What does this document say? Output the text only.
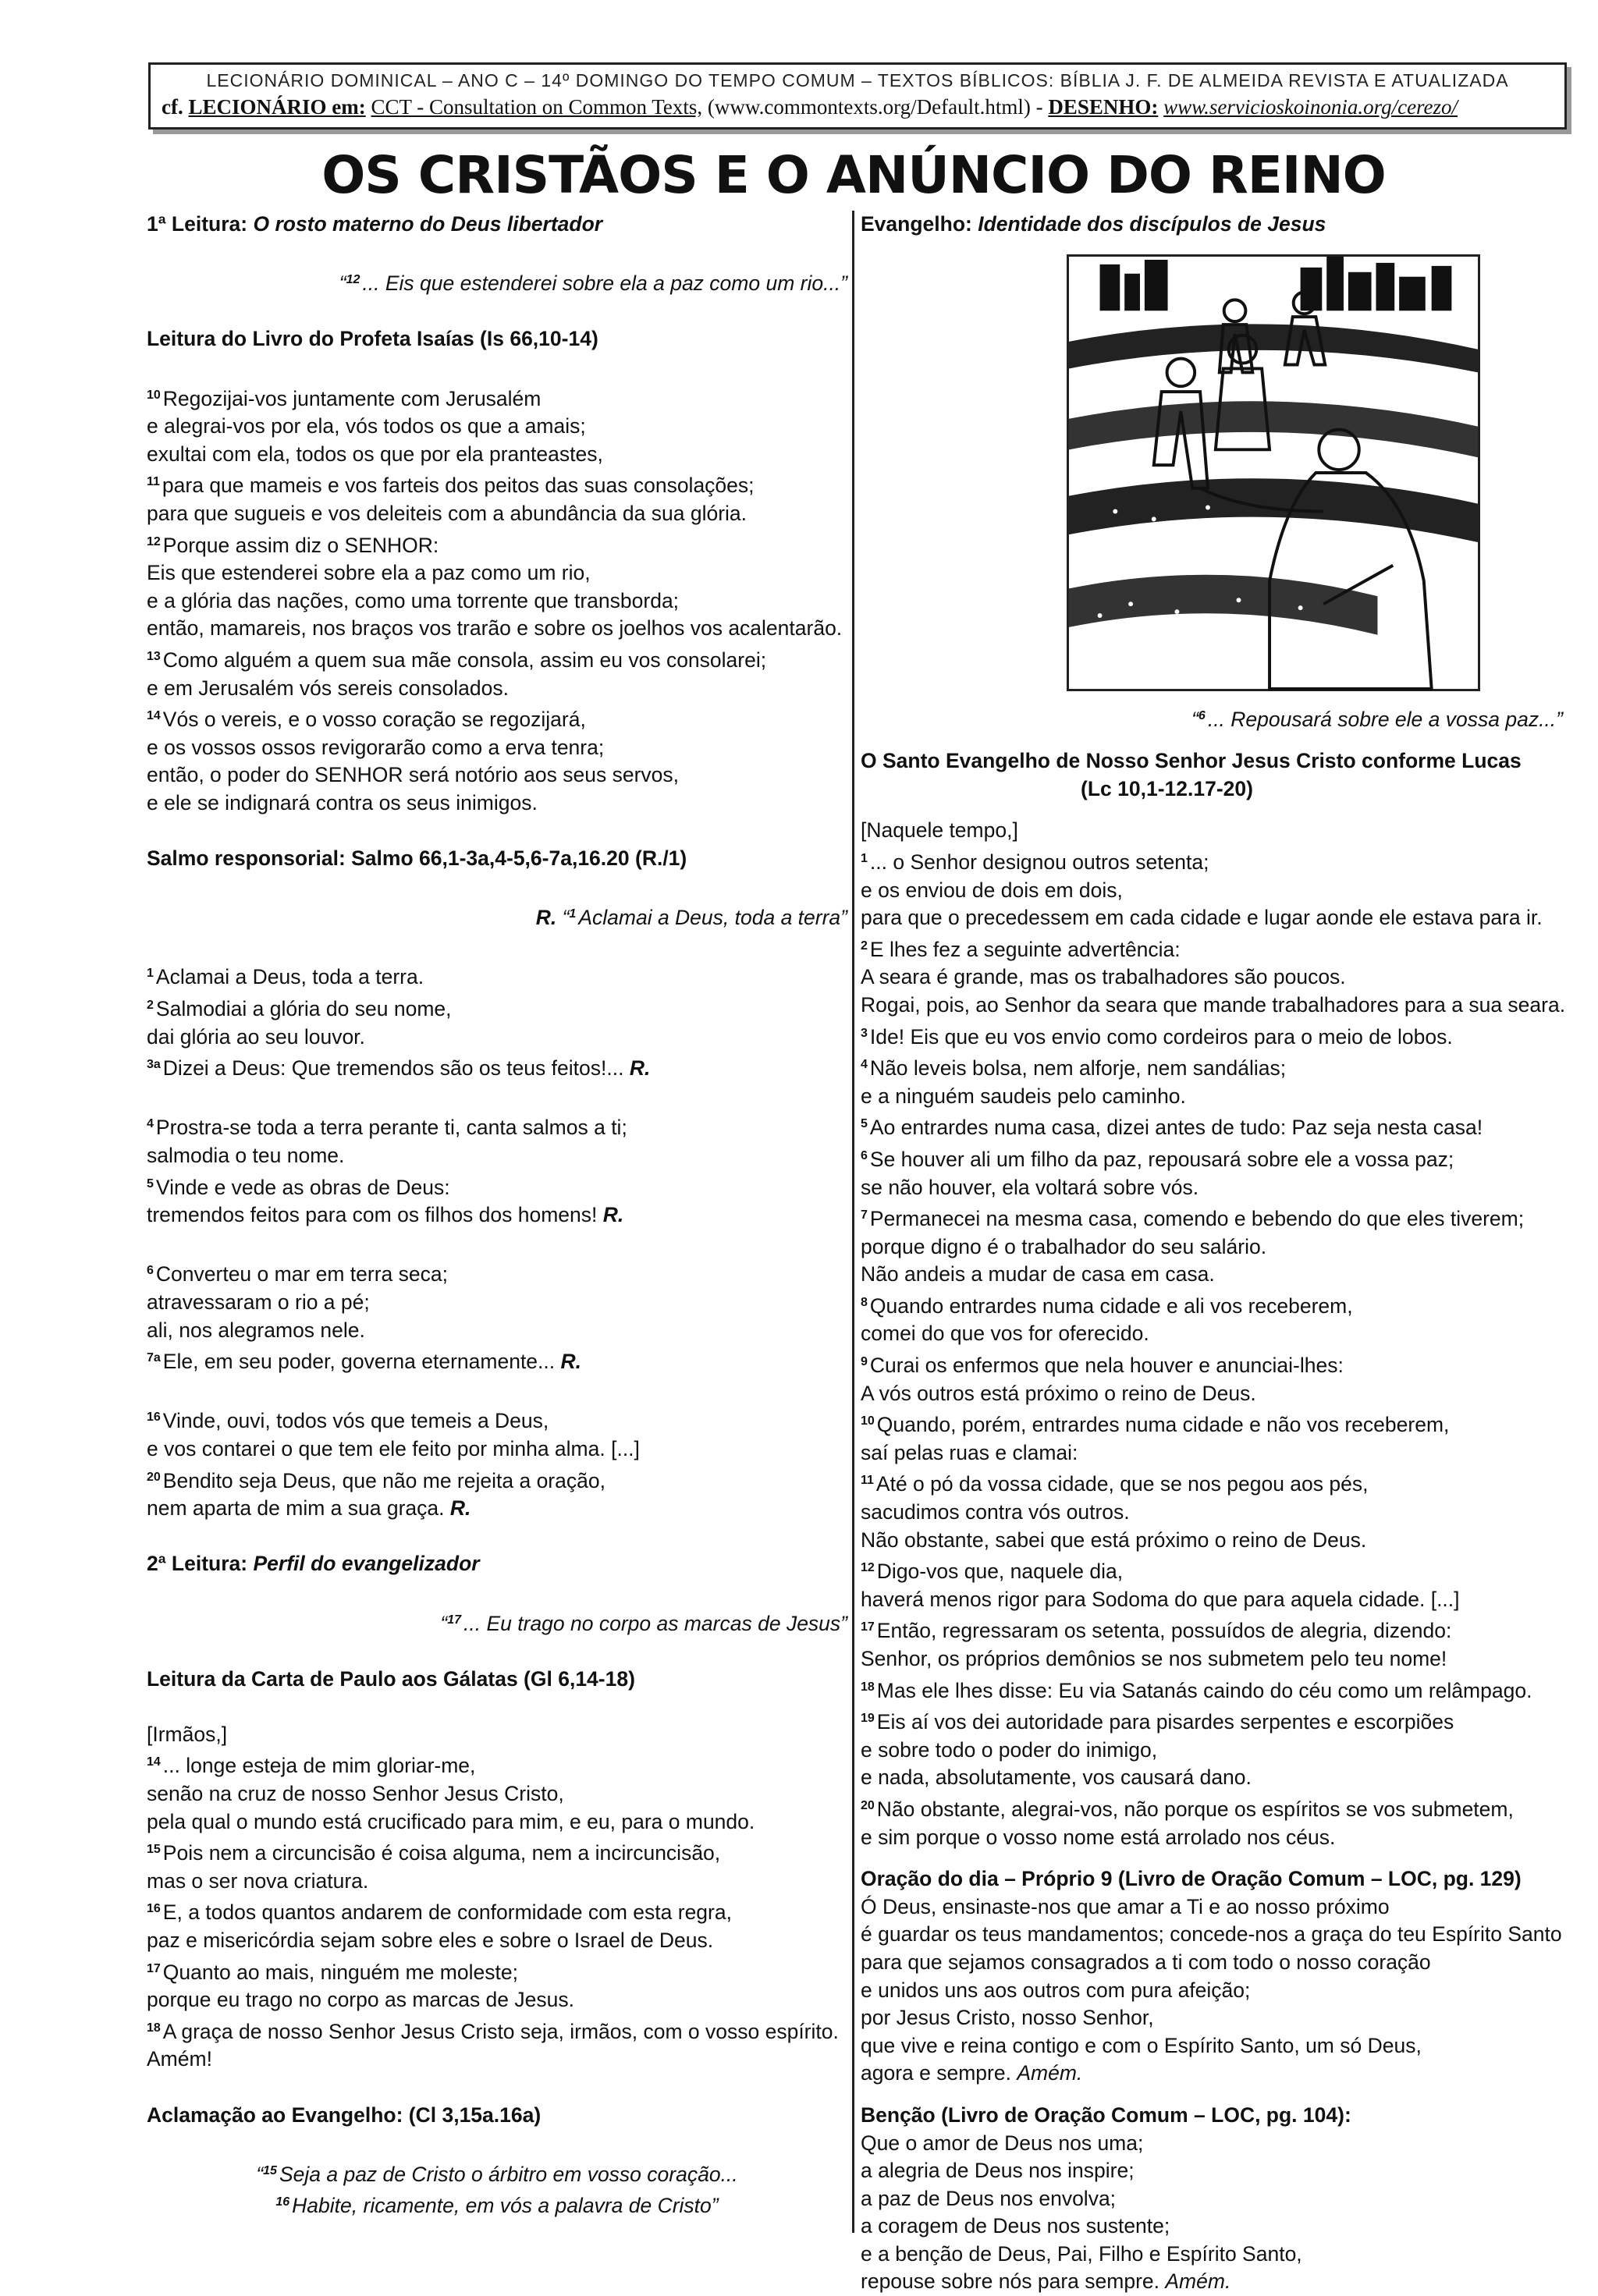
LECIONÁRIO DOMINICAL – ANO C – 14º DOMINGO DO TEMPO COMUM – TEXTOS BÍBLICOS: BÍBLIA J. F. DE ALMEIDA REVISTA E ATUALIZADA
cf. LECIONÁRIO em: CCT - Consultation on Common Texts, (www.commontexts.org/Default.html) - DESENHO: www.servicioskoinonia.org/cerezo/
OS CRISTÃOS E O ANÚNCIO DO REINO
1ª Leitura: O rosto materno do Deus libertador
“$^{12}$ ... Eis que estenderei sobre ela a paz como um rio...”
Leitura do Livro do Profeta Isaías (Is 66,10-14)
$^{10}$ Regozijai-vos juntamente com Jerusalém
e alegrai-vos por ela, vós todos os que a amais;
exultai com ela, todos os que por ela pranteastes,
$^{11}$ para que mameis e vos farteis dos peitos das suas consolações;
para que sugueis e vos deleiteis com a abundância da sua glória.
$^{12}$ Porque assim diz o SENHOR:
Eis que estenderei sobre ela a paz como um rio,
e a glória das nações, como uma torrente que transborda;
então, mamareis, nos braços vos trarão e sobre os joelhos vos acalentarão.
$^{13}$ Como alguém a quem sua mãe consola, assim eu vos consolarei;
e em Jerusalém vós sereis consolados.
$^{14}$ Vós o vereis, e o vosso coração se regozijará,
e os vossos ossos revigorarão como a erva tenra;
então, o poder do SENHOR será notório aos seus servos,
e ele se indignará contra os seus inimigos.
Salmo responsorial: Salmo 66,1-3a,4-5,6-7a,16.20 (R./1)
R. “$^1$ Aclamai a Deus, toda a terra”
$^1$ Aclamai a Deus, toda a terra.
$^2$ Salmodiai a glória do seu nome,
dai glória ao seu louvor.
$^{3a}$ Dizei a Deus: Que tremendos são os teus feitos!... R.
$^4$ Prostra-se toda a terra perante ti, canta salmos a ti;
salmodia o teu nome.
$^5$ Vinde e vede as obras de Deus:
tremendos feitos para com os filhos dos homens! R.
$^6$ Converteu o mar em terra seca;
atravessaram o rio a pé;
ali, nos alegramos nele.
$^{7a}$ Ele, em seu poder, governa eternamente... R.
$^{16}$ Vinde, ouvi, todos vós que temeis a Deus,
e vos contarei o que tem ele feito por minha alma. [...]
$^{20}$ Bendito seja Deus, que não me rejeita a oração,
nem aparta de mim a sua graça. R.
2ª Leitura: Perfil do evangelizador
“$^{17}$ ... Eu trago no corpo as marcas de Jesus”
Leitura da Carta de Paulo aos Gálatas (Gl 6,14-18)
[Irmãos,]
$^{14}$ ... longe esteja de mim gloriar-me,
senão na cruz de nosso Senhor Jesus Cristo,
pela qual o mundo está crucificado para mim, e eu, para o mundo.
$^{15}$ Pois nem a circuncisão é coisa alguma, nem a incircuncisão,
mas o ser nova criatura.
$^{16}$ E, a todos quantos andarem de conformidade com esta regra,
paz e misericórdia sejam sobre eles e sobre o Israel de Deus.
$^{17}$ Quanto ao mais, ninguém me moleste;
porque eu trago no corpo as marcas de Jesus.
$^{18}$ A graça de nosso Senhor Jesus Cristo seja, irmãos, com o vosso espírito.
Amém!
Aclamação ao Evangelho: (Cl 3,15a.16a)
“$^{15}$ Seja a paz de Cristo o árbitro em vosso coração...
$^{16}$ Habite, ricamente, em vós a palavra de Cristo”
Evangelho: Identidade dos discípulos de Jesus
“$^6$ ... Repousará sobre ele a vossa paz...”
O Santo Evangelho de Nosso Senhor Jesus Cristo conforme Lucas
(Lc 10,1-12.17-20)
[Naquele tempo,]
$^1$ ... o Senhor designou outros setenta;
e os enviou de dois em dois,
para que o precedessem em cada cidade e lugar aonde ele estava para ir.
$^2$ E lhes fez a seguinte advertência:
A seara é grande, mas os trabalhadores são poucos.
Rogai, pois, ao Senhor da seara que mande trabalhadores para a sua seara.
$^3$ Ide! Eis que eu vos envio como cordeiros para o meio de lobos.
$^4$ Não leveis bolsa, nem alforje, nem sandálias;
e a ninguém saudeis pelo caminho.
$^5$ Ao entrardes numa casa, dizei antes de tudo: Paz seja nesta casa!
$^6$ Se houver ali um filho da paz, repousará sobre ele a vossa paz;
se não houver, ela voltará sobre vós.
$^7$ Permanecei na mesma casa, comendo e bebendo do que eles tiverem;
porque digno é o trabalhador do seu salário.
Não andeis a mudar de casa em casa.
$^8$ Quando entrardes numa cidade e ali vos receberem,
comei do que vos for oferecido.
$^9$ Curai os enfermos que nela houver e anunciai-lhes:
A vós outros está próximo o reino de Deus.
$^{10}$ Quando, porém, entrardes numa cidade e não vos receberem,
saí pelas ruas e clamai:
$^{11}$ Até o pó da vossa cidade, que se nos pegou aos pés,
sacudimos contra vós outros.
Não obstante, sabei que está próximo o reino de Deus.
$^{12}$ Digo-vos que, naquele dia,
haverá menos rigor para Sodoma do que para aquela cidade. [...]
$^{17}$ Então, regressaram os setenta, possuídos de alegria, dizendo:
Senhor, os próprios demônios se nos submetem pelo teu nome!
$^{18}$ Mas ele lhes disse: Eu via Satanás caindo do céu como um relâmpago.
$^{19}$ Eis aí vos dei autoridade para pisardes serpentes e escorpiões
e sobre todo o poder do inimigo,
e nada, absolutamente, vos causará dano.
$^{20}$ Não obstante, alegrai-vos, não porque os espíritos se vos submetem,
e sim porque o vosso nome está arrolado nos céus.
Oração do dia – Próprio 9 (Livro de Oração Comum – LOC, pg. 129)
Ó Deus, ensinaste-nos que amar a Ti e ao nosso próximo
é guardar os teus mandamentos; concede-nos a graça do teu Espírito Santo
para que sejamos consagrados a ti com todo o nosso coração
e unidos uns aos outros com pura afeição;
por Jesus Cristo, nosso Senhor,
que vive e reina contigo e com o Espírito Santo, um só Deus,
agora e sempre. Amém.
Benção (Livro de Oração Comum – LOC, pg. 104):
Que o amor de Deus nos uma;
a alegria de Deus nos inspire;
a paz de Deus nos envolva;
a coragem de Deus nos sustente;
e a benção de Deus, Pai, Filho e Espírito Santo,
repouse sobre nós para sempre. Amém.
